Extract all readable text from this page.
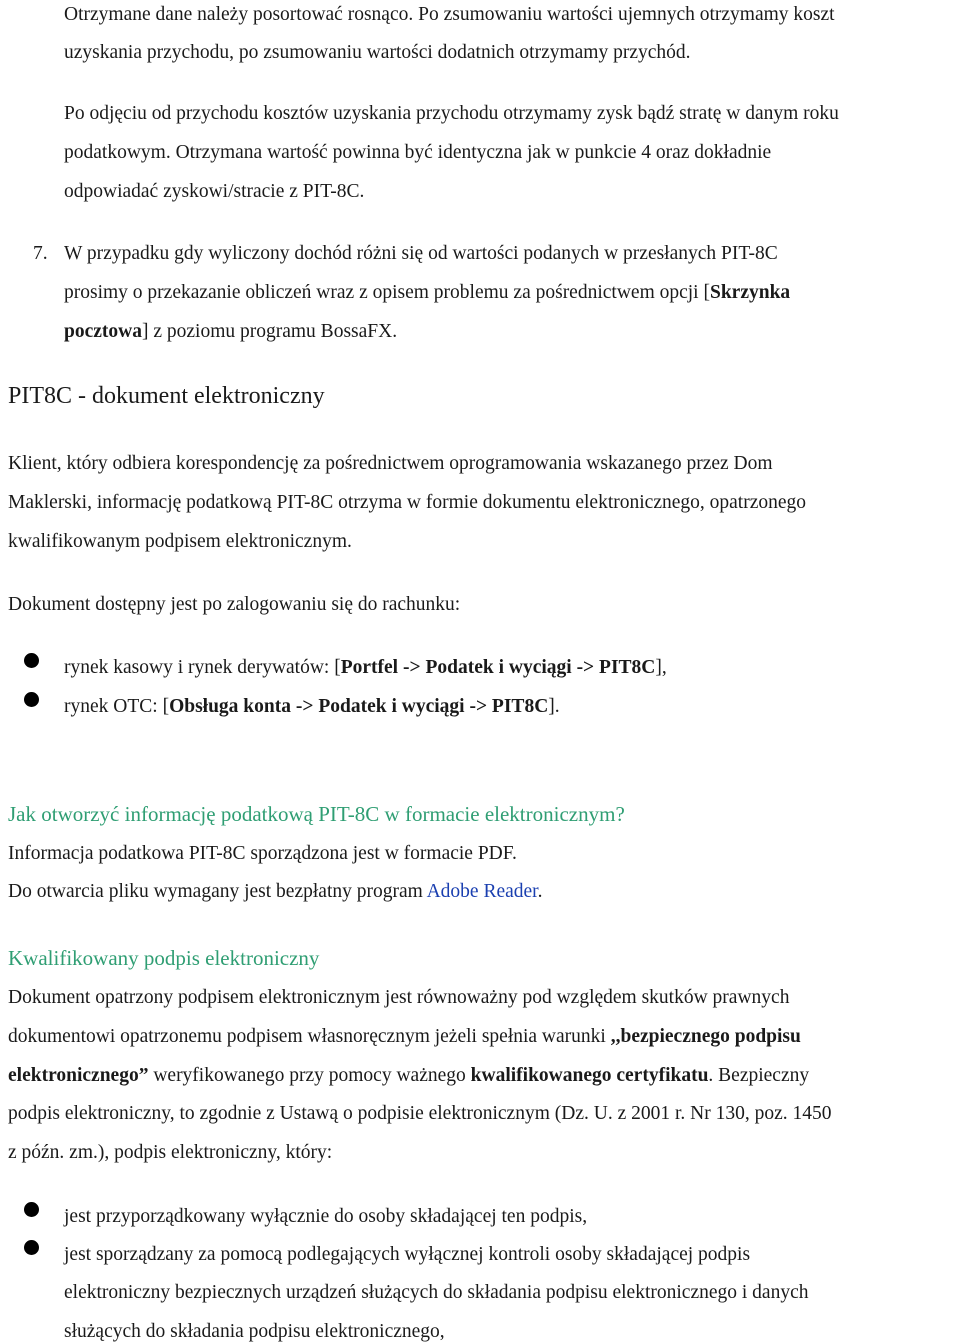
Otrzymane dane należy posortować rosnąco. Po zsumowaniu wartości ujemnych otrzymamy koszt
uzyskania przychodu, po zsumowaniu wartości dodatnich otrzymamy przychód.
Po odjęciu od przychodu kosztów uzyskania przychodu otrzymamy zysk bądź stratę w danym roku
podatkowym. Otrzymana wartość powinna być identyczna jak w punkcie 4 oraz dokładnie
odpowiadać zyskowi/stracie z PIT-8C.
7. W przypadku gdy wyliczony dochód różni się od wartości podanych w przesłanych PIT-8C
prosimy o przekazanie obliczeń wraz z opisem problemu za pośrednictwem opcji [Skrzynka
pocztowa] z poziomu programu BossaFX.
PIT8C - dokument elektroniczny
Klient, który odbiera korespondencję za pośrednictwem oprogramowania wskazanego przez Dom
Maklerski, informację podatkową PIT-8C otrzyma w formie dokumentu elektronicznego, opatrzonego
kwalifikowanym podpisem elektronicznym.
Dokument dostępny jest po zalogowaniu się do rachunku:
rynek kasowy i rynek derywatów: [Portfel -> Podatek i wyciągi -> PIT8C],
rynek OTC: [Obsługa konta -> Podatek i wyciągi -> PIT8C].
Jak otworzyć informację podatkową PIT-8C w formacie elektronicznym?
Informacja podatkowa PIT-8C sporządzona jest w formacie PDF.
Do otwarcia pliku wymagany jest bezpłatny program Adobe Reader.
Kwalifikowany podpis elektroniczny
Dokument opatrzony podpisem elektronicznym jest równoważny pod względem skutków prawnych
dokumentowi opatrzonemu podpisem własnoręcznym jeżeli spełnia warunki ,,bezpiecznego podpisu
elektronicznego” weryfikowanego przy pomocy ważnego kwalifikowanego certyfikatu. Bezpieczny
podpis elektroniczny, to zgodnie z Ustawą o podpisie elektronicznym (Dz. U. z 2001 r. Nr 130, poz. 1450
z późn. zm.), podpis elektroniczny, który:
jest przyporządkowany wyłącznie do osoby składającej ten podpis,
jest sporządzany za pomocą podlegających wyłącznej kontroli osoby składającej podpis
elektroniczny bezpiecznych urządzeń służących do składania podpisu elektronicznego i danych
służących do składania podpisu elektronicznego,
